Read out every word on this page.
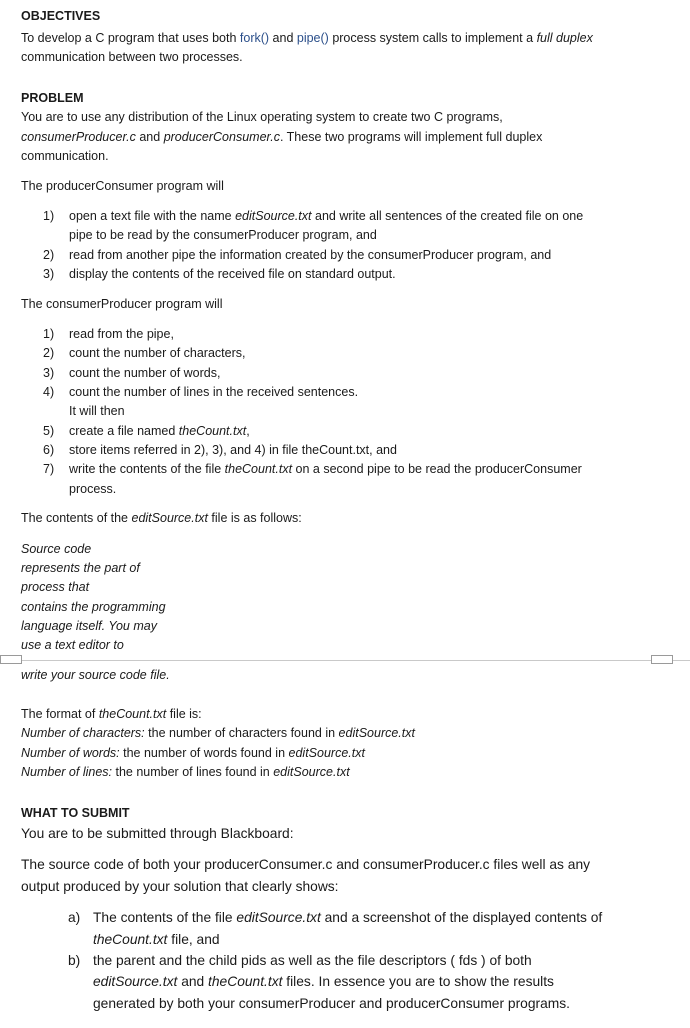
OBJECTIVES
To develop a C program that uses both fork() and pipe() process system calls to implement a full duplex
communication between two processes.
PROBLEM
You are to use any distribution of the Linux operating system to create two C programs,
consumerProducer.c and producerConsumer.c. These two programs will implement full duplex
communication.
The producerConsumer program will
1) open a text file with the name editSource.txt and write all sentences of the created file on one
pipe to be read by the consumerProducer program, and
2) read from another pipe the information created by the consumerProducer program, and
3) display the contents of the received file on standard output.
The consumerProducer program will
1) read from the pipe,
2) count the number of characters,
3) count the number of words,
4) count the number of lines in the received sentences.
It will then
5) create a file named theCount.txt,
6) store items referred in 2), 3), and 4) in file theCount.txt, and
7) write the contents of the file theCount.txt on a second pipe to be read the producerConsumer
process.
The contents of the editSource.txt file is as follows:
Source code
represents the part of
process that
contains the programming
language itself. You may
use a text editor to
write your source code file.
The format of theCount.txt file is:
Number of characters: the number of characters found in editSource.txt
Number of words: the number of words found in editSource.txt
Number of lines: the number of lines found in editSource.txt
WHAT TO SUBMIT
You are to be submitted through Blackboard:
The source code of both your producerConsumer.c and consumerProducer.c files well as any
output produced by your solution that clearly shows:
a) The contents of the file editSource.txt and a screenshot of the displayed contents of
theCount.txt file, and
b) the parent and the child pids as well as the file descriptors ( fds ) of both
editSource.txt and theCount.txt files. In essence you are to show the results
generated by both your consumerProducer and producerConsumer programs.
